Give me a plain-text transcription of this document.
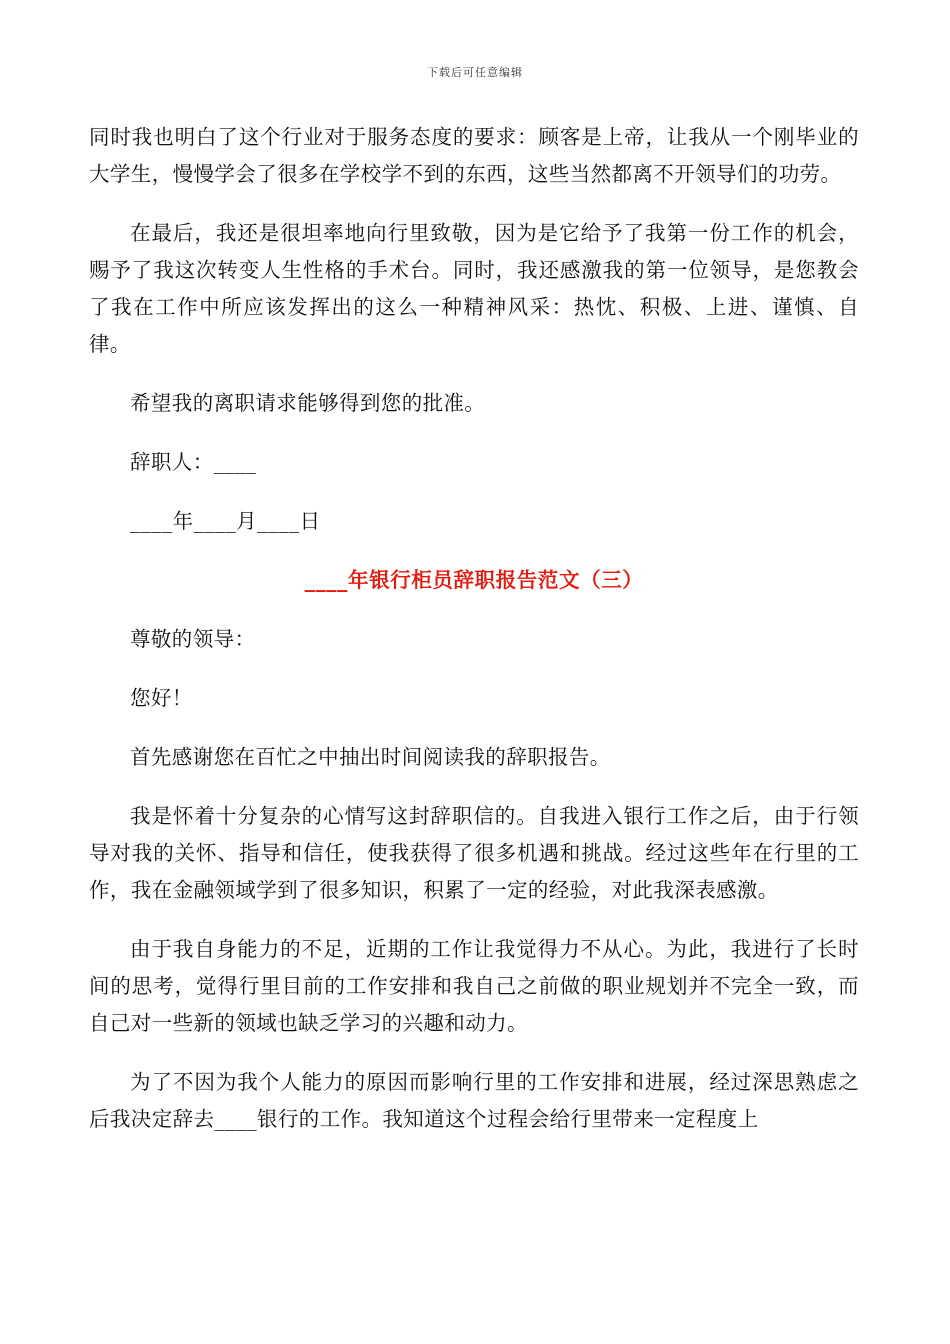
下载后可任意编辑

同时我也明白了这个行业对于服务态度的要求：顾客是上帝，让我从一个刚毕业的大学生，慢慢学会了很多在学校学不到的东西，这些当然都离不开领导们的功劳。

在最后，我还是很坦率地向行里致敬，因为是它给予了我第一份工作的机会，赐予了我这次转变人生性格的手术台。同时，我还感激我的第一位领导，是您教会了我在工作中所应该发挥出的这么一种精神风采：热忱、积极、上进、谨慎、自律。

希望我的离职请求能够得到您的批准。

辞职人：____

____年____月____日

____年银行柜员辞职报告范文（三）

尊敬的领导：

您好！

首先感谢您在百忙之中抽出时间阅读我的辞职报告。

我是怀着十分复杂的心情写这封辞职信的。自我进入银行工作之后，由于行领导对我的关怀、指导和信任，使我获得了很多机遇和挑战。经过这些年在行里的工作，我在金融领域学到了很多知识，积累了一定的经验，对此我深表感激。

由于我自身能力的不足，近期的工作让我觉得力不从心。为此，我进行了长时间的思考，觉得行里目前的工作安排和我自己之前做的职业规划并不完全一致，而自己对一些新的领域也缺乏学习的兴趣和动力。

为了不因为我个人能力的原因而影响行里的工作安排和进展，经过深思熟虑之后我决定辞去____银行的工作。我知道这个过程会给行里带来一定程度上
